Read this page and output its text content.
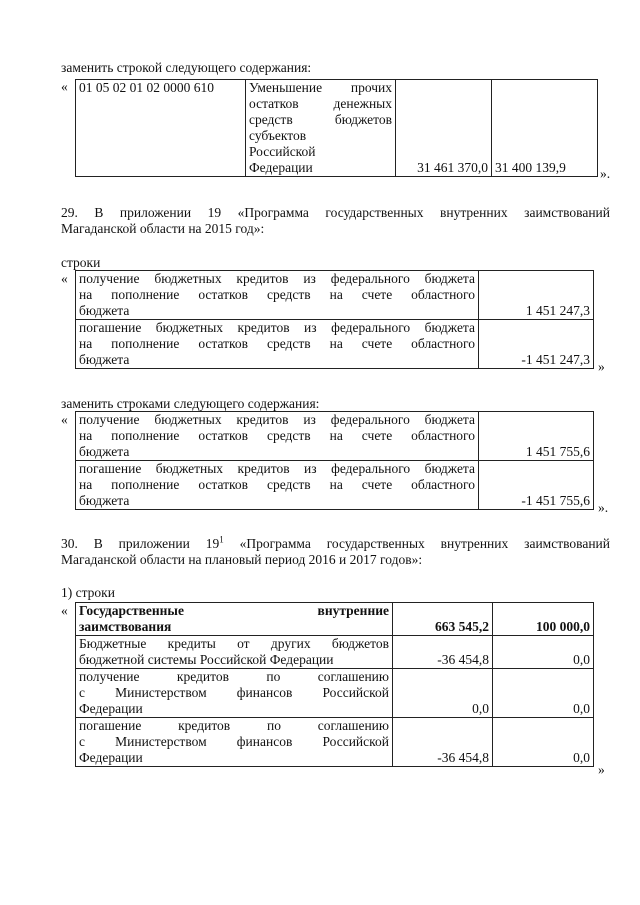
заменить строкой следующего содержания:
« 01 05 02 01 02 0000 610	Уменьшение прочих
остатков денежных
средств бюджетов
субъектов
Российской
Федерации	31 461 370,0	31 400 139,9	».
29. В приложении 19 «Программа государственных внутренних заимствований
Магаданской области на 2015 год»:
строки
« получение бюджетных кредитов из федерального бюджета
на пополнение остатков средств на счете областного
бюджета	1 451 247,3

погашение бюджетных кредитов из федерального бюджета
на пополнение остатков средств на счете областного
бюджета	-1 451 247,3 »
заменить строками следующего содержания:
« получение бюджетных кредитов из федерального бюджета
на пополнение остатков средств на счете областного
бюджета	1 451 755,6

погашение бюджетных кредитов из федерального бюджета
на пополнение остатков средств на счете областного
бюджета	-1 451 755,6 ».
30. В приложении $19^1$ «Программа государственных внутренних заимствований
Магаданской области на плановый период 2016 и 2017 годов»:
1) строки
« Государственные внутренние
заимствования	663 545,2	100 000,0

Бюджетные кредиты от других бюджетов
бюджетной системы Российской Федерации	-36 454,8	0,0

получение кредитов по соглашению
с Министерством финансов Российской
Федерации	0,0	0,0

погашение кредитов по соглашению
с Министерством финансов Российской
Федерации	-36 454,8	0,0
»
